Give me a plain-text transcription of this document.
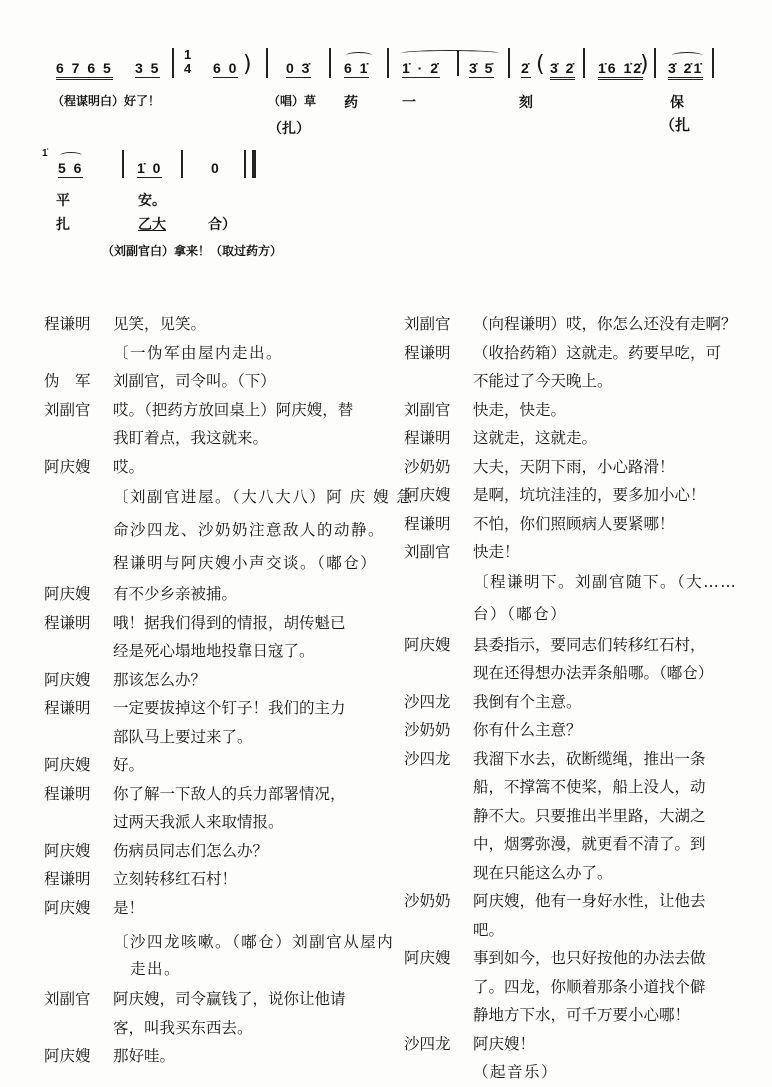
6 7 6 5 3 5
1
4 6 0 ) 0 3̇ 6 1̇ 1̇ · 2̇ 3̇ 5̇ 2̇ ( 3̇ 2̇ 1̇6 1̇2̇
) 3̇ 2̇1̇
（程谋明白）好了！	（唱）草 药	一	刻	保
（扎）	（扎
1̇
5 6	1̇ 0	0
平	安。
扎	乙大	合）
（刘副官白）拿来！（取过药方）
程谦明	见笑，见笑。
〔一伪军由屋内走出。
伪　军	刘副官，司令叫。（下）
刘副官	哎。（把药方放回桌上）阿庆嫂，替
我盯着点，我这就来。
阿庆嫂	哎。
〔刘副官进屋。（大八大八）阿 庆 嫂 急
命沙四龙、沙奶奶注意敌人的动静。
程谦明与阿庆嫂小声交谈。（嘟仓）
阿庆嫂	有不少乡亲被捕。
程谦明	哦！据我们得到的情报，胡传魁已
经是死心塌地地投靠日寇了。
阿庆嫂	那该怎么办？
程谦明	一定要拔掉这个钉子！我们的主力
部队马上要过来了。
阿庆嫂	好。
程谦明	你了解一下敌人的兵力部署情况，
过两天我派人来取情报。
阿庆嫂	伤病员同志们怎么办？
程谦明	立刻转移红石村！
阿庆嫂	是！
〔沙四龙咳嗽。（嘟仓）刘副官从屋内
　走出。
刘副官	阿庆嫂，司令赢钱了，说你让他请
客，叫我买东西去。
阿庆嫂	那好哇。
刘副官	（向程谦明）哎，你怎么还没有走啊？
程谦明	（收拾药箱）这就走。药要早吃，可
不能过了今天晚上。
刘副官	快走，快走。
程谦明	这就走，这就走。
沙奶奶	大夫，天阴下雨，小心路滑！
阿庆嫂	是啊，坑坑洼洼的，要多加小心！
程谦明	不怕，你们照顾病人要紧哪！
刘副官	快走！
〔程谦明下。刘副官随下。（大……
台）（嘟仓）
阿庆嫂	县委指示，要同志们转移红石村，
现在还得想办法弄条船哪。（嘟仓）
沙四龙	我倒有个主意。
沙奶奶	你有什么主意？
沙四龙	我溜下水去，砍断缆绳，推出一条
船，不撑篙不使桨，船上没人，动
静不大。只要推出半里路，大湖之
中，烟雾弥漫，就更看不清了。到
现在只能这么办了。
沙奶奶	阿庆嫂，他有一身好水性，让他去
吧。
阿庆嫂	事到如今，也只好按他的办法去做
了。四龙，你顺着那条小道找个僻
静地方下水，可千万要小心哪！
沙四龙	阿庆嫂！
（起音乐）
